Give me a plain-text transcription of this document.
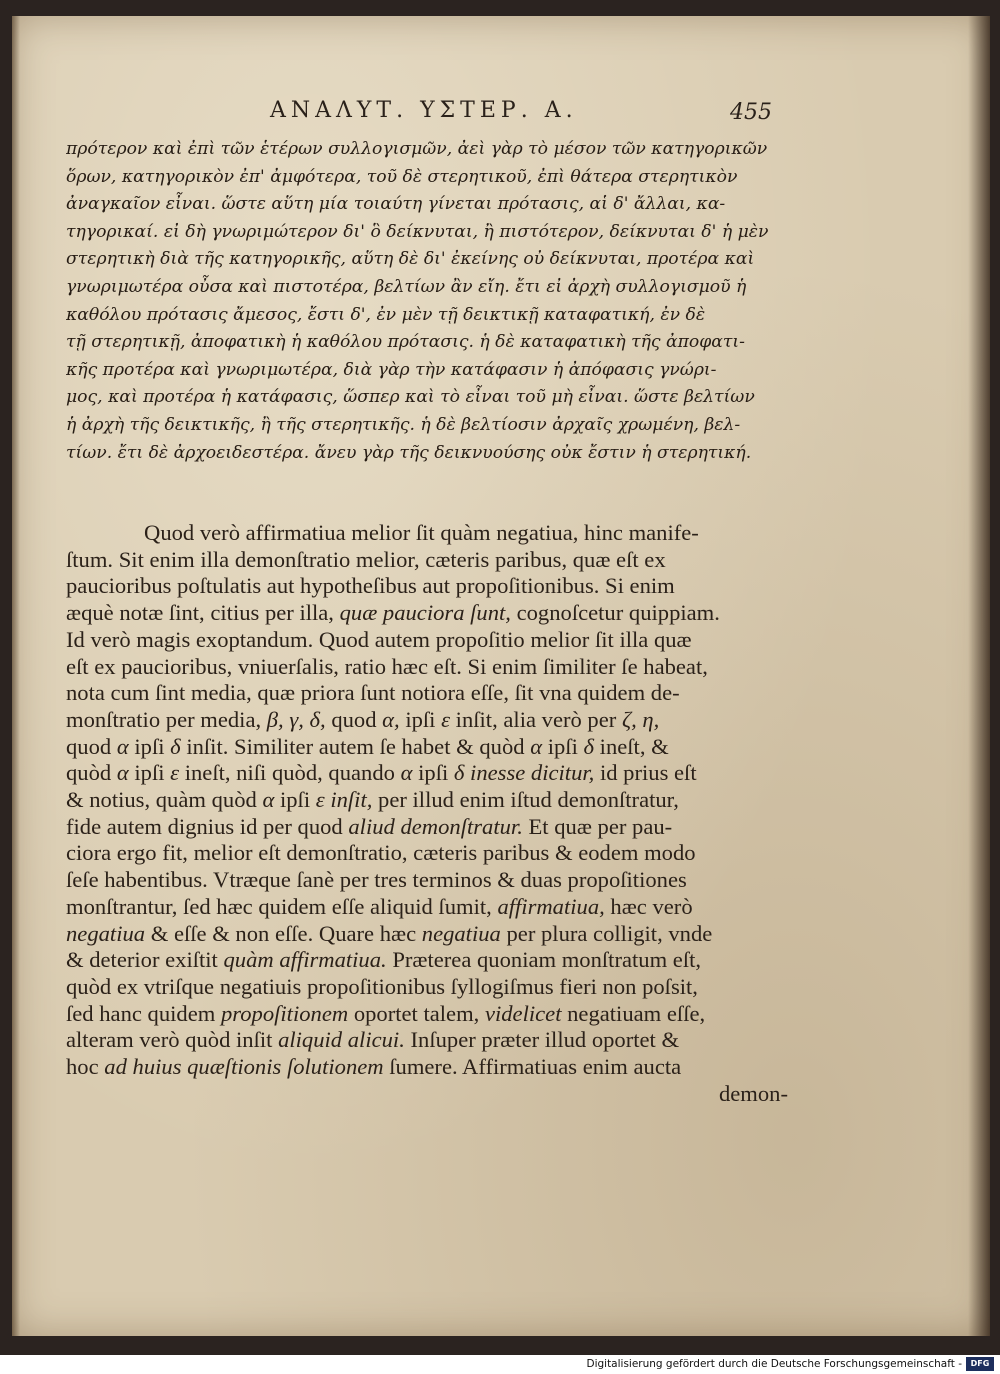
ΑΝΑΛΥΤ. ΥΣΤΕΡ. Α.	455
πρότερον καὶ ἐπὶ τῶν ἑτέρων συλλογισμῶν, ἀεὶ γὰρ τὸ μέσον τῶν κατηγορικῶν
ὅρων, κατηγορικὸν ἐπ' ἀμφότερα, τοῦ δὲ στερητικοῦ, ἐπὶ θάτερα στερητικὸν
ἀναγκαῖον εἶναι. ὥστε αὕτη μία τοιαύτη γίνεται πρότασις, αἱ δ' ἄλλαι, κα-
τηγορικαί. εἰ δὴ γνωριμώτερον δι' ὃ δείκνυται, ἢ πιστότερον, δείκνυται δ' ἡ μὲν
στερητικὴ διὰ τῆς κατηγορικῆς, αὕτη δὲ δι' ἐκείνης οὐ δείκνυται, προτέρα καὶ
γνωριμωτέρα οὖσα καὶ πιστοτέρα, βελτίων ἂν εἴη. ἔτι εἰ ἀρχὴ συλλογισμοῦ ἡ
καθόλου πρότασις ἄμεσος, ἔστι δ', ἐν μὲν τῇ δεικτικῇ καταφατική, ἐν δὲ
τῇ στερητικῇ, ἀποφατικὴ ἡ καθόλου πρότασις. ἡ δὲ καταφατικὴ τῆς ἀποφατι-
κῆς προτέρα καὶ γνωριμωτέρα, διὰ γὰρ τὴν κατάφασιν ἡ ἀπόφασις γνώρι-
μος, καὶ προτέρα ἡ κατάφασις, ὥσπερ καὶ τὸ εἶναι τοῦ μὴ εἶναι. ὥστε βελτίων
ἡ ἀρχὴ τῆς δεικτικῆς, ἢ τῆς στερητικῆς. ἡ δὲ βελτίοσιν ἀρχαῖς χρωμένη, βελ-
τίων. ἔτι δὲ ἀρχοειδεστέρα. ἄνευ γὰρ τῆς δεικνυούσης οὐκ ἔστιν ἡ στερητική.
Quod verò affirmatiua melior ſit quàm negatiua, hinc manife-
ſtum. Sit enim illa demonſtratio melior, cæteris paribus, quæ eſt ex
paucioribus poſtulatis aut hypotheſibus aut propoſitionibus. Si enim
æquè notæ ſint, citius per illa, quæ pauciora ſunt, cognoſcetur quippiam.
Id verò magis exoptandum. Quod autem propoſitio melior ſit illa quæ
eſt ex paucioribus, vniuerſalis, ratio hæc eſt. Si enim ſimiliter ſe habeat,
nota cum ſint media, quæ priora ſunt notiora eſſe, ſit vna quidem de-
monſtratio per media, β, γ, δ, quod α, ipſi ε inſit, alia verò per ζ, η,
quod α ipſi δ inſit. Similiter autem ſe habet & quòd α ipſi δ ineſt, &
quòd α ipſi ε ineſt, niſi quòd, quando α ipſi δ inesse dicitur, id prius eſt
& notius, quàm quòd α ipſi ε inſit, per illud enim iſtud demonſtratur,
fide autem dignius id per quod aliud demonſtratur. Et quæ per pau-
ciora ergo fit, melior eſt demonſtratio, cæteris paribus & eodem modo
ſeſe habentibus. Vtræque ſanè per tres terminos & duas propoſitiones
monſtrantur, ſed hæc quidem eſſe aliquid ſumit, affirmatiua, hæc verò
negatiua & eſſe & non eſſe. Quare hæc negatiua per plura colligit, vnde
& deterior exiſtit quàm affirmatiua. Præterea quoniam monſtratum eſt,
quòd ex vtriſque negatiuis propoſitionibus ſyllogiſmus fieri non poſsit,
ſed hanc quidem propoſitionem oportet talem, videlicet negatiuam eſſe,
alteram verò quòd inſit aliquid alicui. Inſuper præter illud oportet &
hoc ad huius quæſtionis ſolutionem ſumere. Affirmatiuas enim aucta
demon-
Digitalisierung gefördert durch die Deutsche Forschungsgemeinschaft -	DFG
